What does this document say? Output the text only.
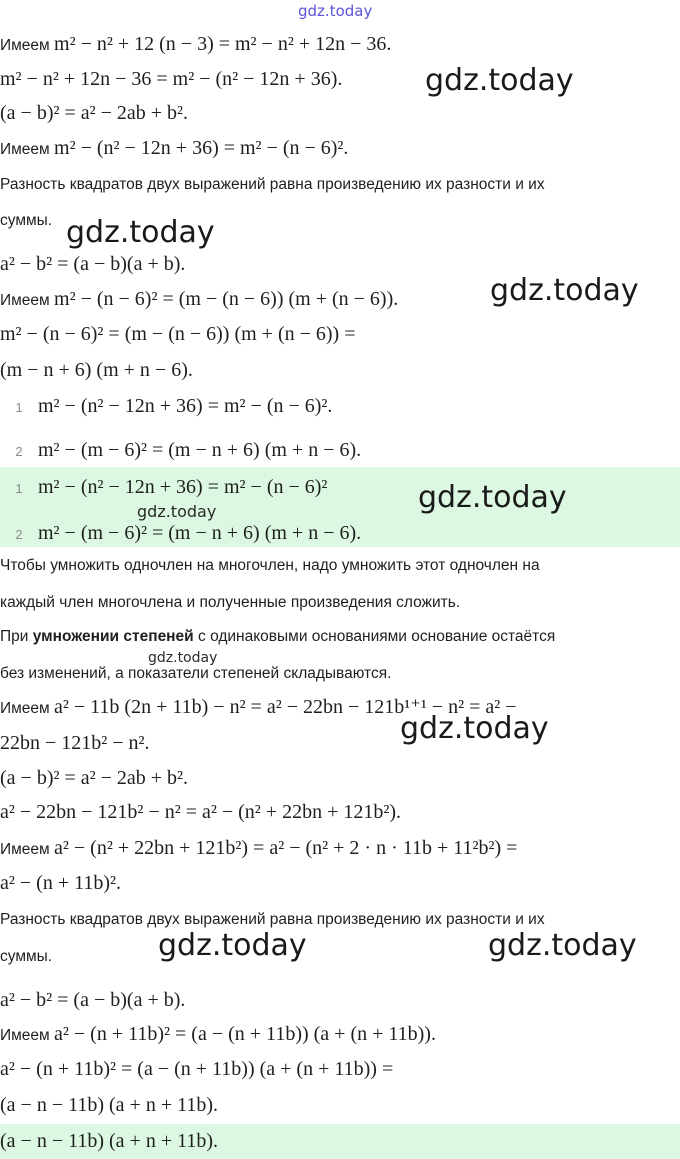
gdz.today
Имеем m² − n² + 12 (n − 3) = m² − n² + 12n − 36.
m² − n² + 12n − 36 = m² − (n² − 12n + 36).
(a − b)² = a² − 2ab + b².
Имеем m² − (n² − 12n + 36) = m² − (n − 6)².
Разность квадратов двух выражений равна произведению их разности и их
суммы.
a² − b² = (a − b)(a + b).
Имеем m² − (n − 6)² = (m − (n − 6)) (m + (n − 6)).
m² − (n − 6)² = (m − (n − 6)) (m + (n − 6)) =
(m − n + 6) (m + n − 6).
1 m² − (n² − 12n + 36) = m² − (n − 6)².
2 m² − (m − 6)² = (m − n + 6) (m + n − 6).
1 m² − (n² − 12n + 36) = m² − (n − 6)²
2 m² − (m − 6)² = (m − n + 6) (m + n − 6).
Чтобы умножить одночлен на многочлен, надо умножить этот одночлен на
каждый член многочлена и полученные произведения сложить.
При умножении степеней с одинаковыми основаниями основание остаётся
без изменений, а показатели степеней складываются.
Имеем a² − 11b (2n + 11b) − n² = a² − 22bn − 121b¹⁺¹ − n² = a² −
22bn − 121b² − n².
(a − b)² = a² − 2ab + b².
a² − 22bn − 121b² − n² = a² − (n² + 22bn + 121b²).
Имеем a² − (n² + 22bn + 121b²) = a² − (n² + 2 · n · 11b + 11²b²) =
a² − (n + 11b)².
Разность квадратов двух выражений равна произведению их разности и их
суммы.
a² − b² = (a − b)(a + b).
Имеем a² − (n + 11b)² = (a − (n + 11b)) (a + (n + 11b)).
a² − (n + 11b)² = (a − (n + 11b)) (a + (n + 11b)) =
(a − n − 11b) (a + n + 11b).
(a − n − 11b) (a + n + 11b).
gdz.today
gdz.today
gdz.today
gdz.today
gdz.today
gdz.today
gdz.today
gdz.today	gdz.today
